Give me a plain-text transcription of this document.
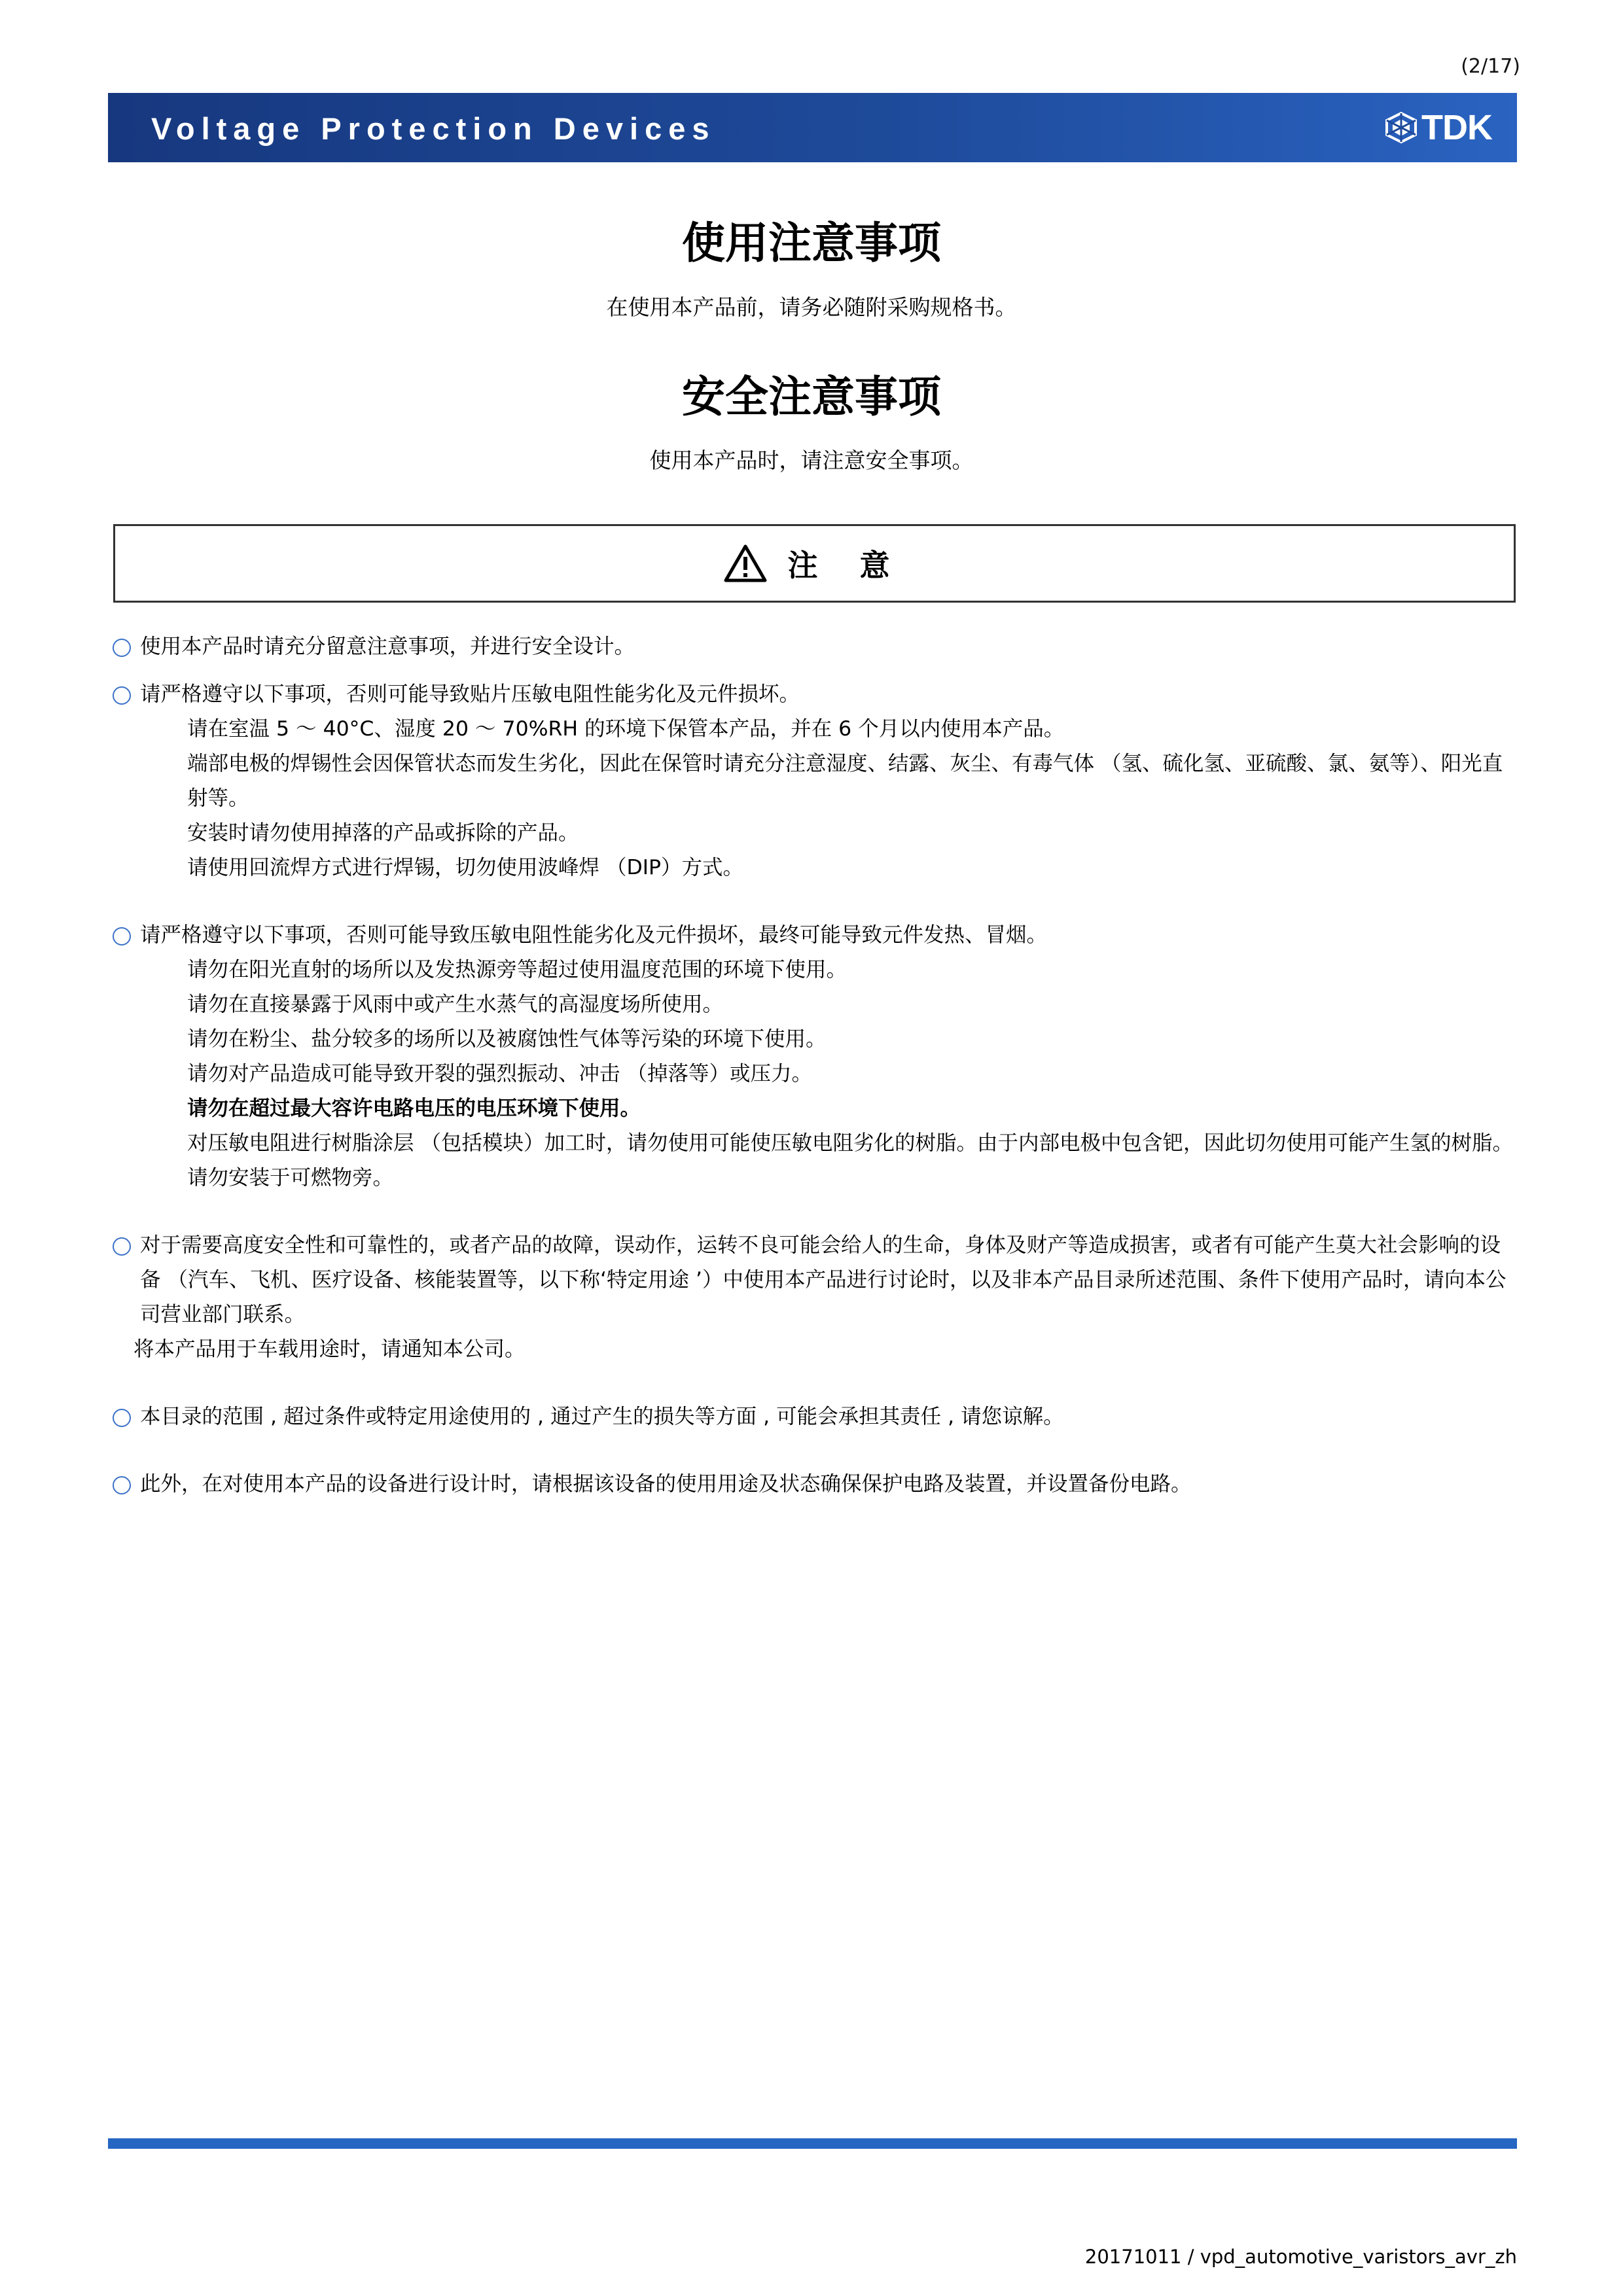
(2/17)
Voltage Protection Devices	TDK
使用注意事项
在使用本产品前，请务必随附采购规格书。
安全注意事项
使用本产品时，请注意安全事项。
注 意
使用本产品时请充分留意注意事项，并进行安全设计。
请严格遵守以下事项，否则可能导致贴片压敏电阻性能劣化及元件损坏。
请在室温 5 ～ 40°C、湿度 20 ～ 70%RH 的环境下保管本产品，并在 6 个月以内使用本产品。
端部电极的焊锡性会因保管状态而发生劣化，因此在保管时请充分注意湿度、结露、灰尘、有毒气体 （氢、硫化氢、亚硫酸、氯、氨等）、阳光直射等。
安装时请勿使用掉落的产品或拆除的产品。
请使用回流焊方式进行焊锡，切勿使用波峰焊 （DIP）方式。
请严格遵守以下事项，否则可能导致压敏电阻性能劣化及元件损坏，最终可能导致元件发热、冒烟。
请勿在阳光直射的场所以及发热源旁等超过使用温度范围的环境下使用。
请勿在直接暴露于风雨中或产生水蒸气的高湿度场所使用。
请勿在粉尘、盐分较多的场所以及被腐蚀性气体等污染的环境下使用。
请勿对产品造成可能导致开裂的强烈振动、冲击 （掉落等）或压力。
请勿在超过最大容许电路电压的电压环境下使用。
对压敏电阻进行树脂涂层 （包括模块）加工时，请勿使用可能使压敏电阻劣化的树脂。由于内部电极中包含钯，因此切勿使用可能产生氢的树脂。
请勿安装于可燃物旁。
对于需要高度安全性和可靠性的，或者产品的故障，误动作，运转不良可能会给人的生命，身体及财产等造成损害，或者有可能产生莫大社会影响的设备 （汽车、飞机、医疗设备、核能装置等，以下称‘特定用途 ’）中使用本产品进行讨论时，以及非本产品目录所述范围、条件下使用产品时，请向本公司营业部门联系。
将本产品用于车载用途时，请通知本公司。
本目录的范围 , 超过条件或特定用途使用的 , 通过产生的损失等方面 , 可能会承担其责任 , 请您谅解。
此外，在对使用本产品的设备进行设计时，请根据该设备的使用用途及状态确保保护电路及装置，并设置备份电路。
20171011 / vpd_automotive_varistors_avr_zh
